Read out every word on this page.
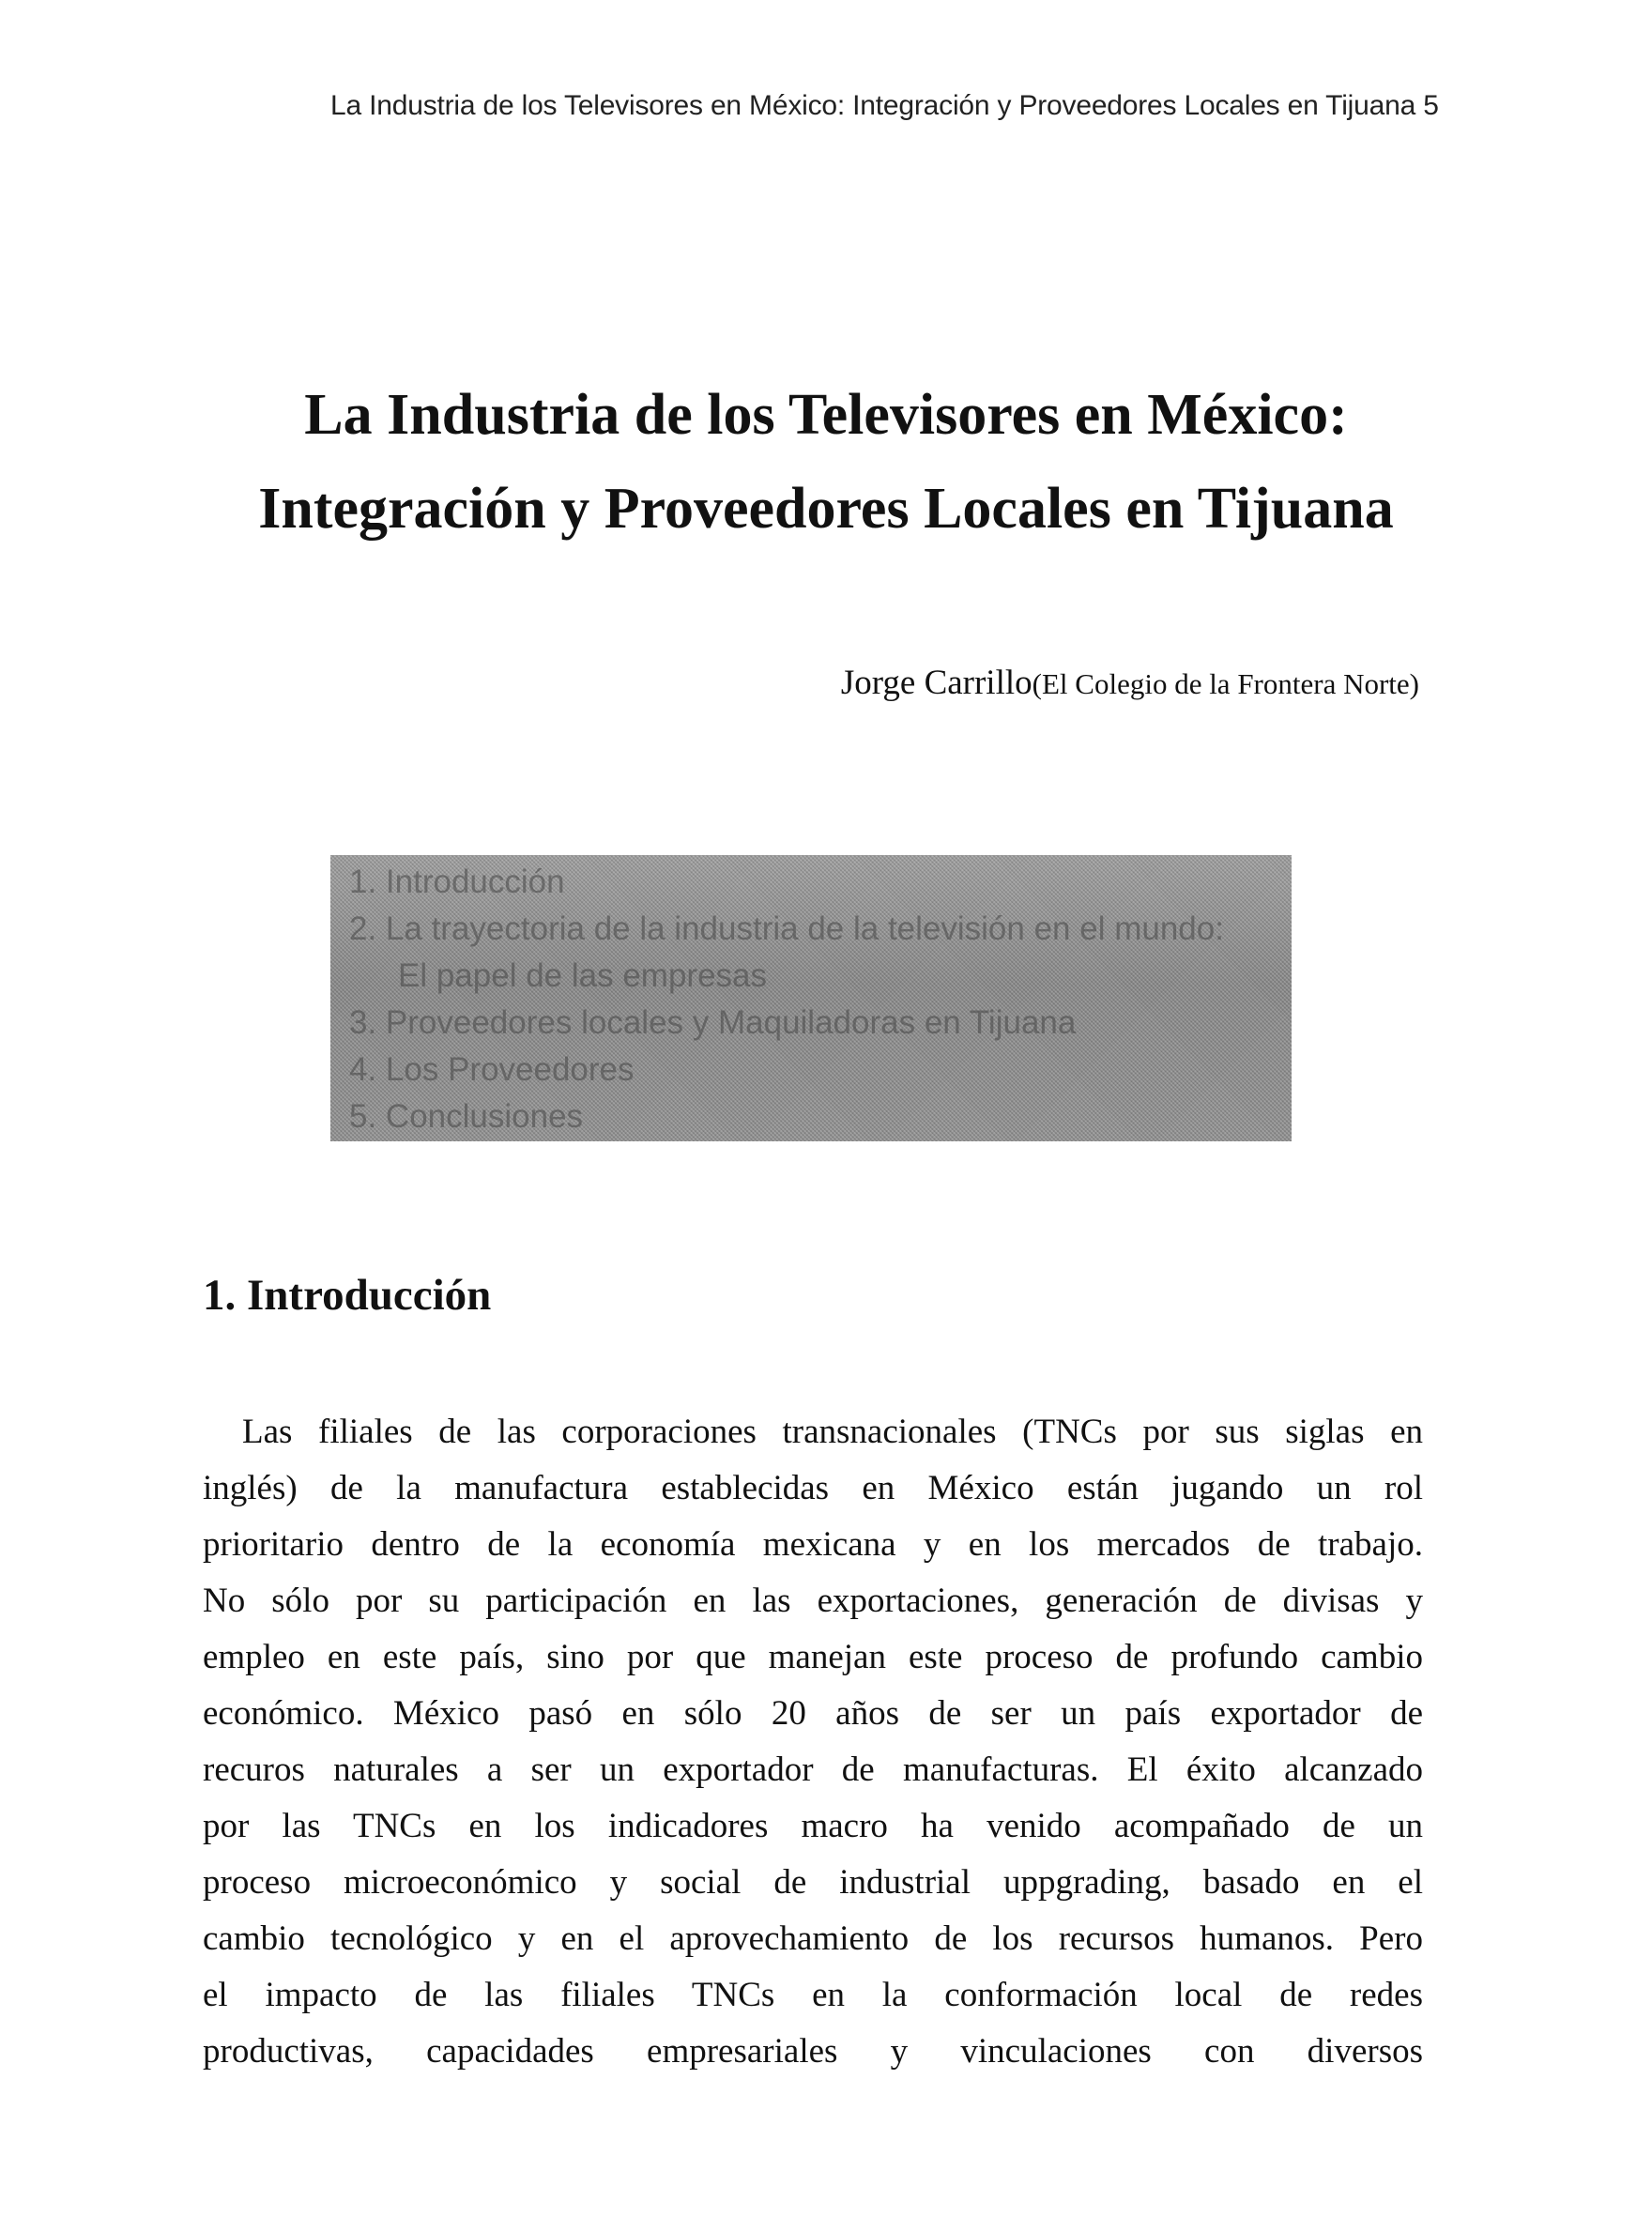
La Industria de los Televisores en México: Integración y Proveedores Locales en Tijuana 5
La Industria de los Televisores en México:
Integración y Proveedores Locales en Tijuana
Jorge Carrillo(El Colegio de la Frontera Norte)
1. Introducción
2. La trayectoria de la industria de la televisión en el mundo:
El papel de las empresas
3. Proveedores locales y Maquiladoras en Tijuana
4. Los Proveedores
5. Conclusiones
1. Introducción
Las filiales de las corporaciones transnacionales (TNCs por sus siglas en
inglés) de la manufactura establecidas en México están jugando un rol
prioritario dentro de la economía mexicana y en los mercados de trabajo.
No sólo por su participación en las exportaciones, generación de divisas y
empleo en este país, sino por que manejan este proceso de profundo cambio
económico. México pasó en sólo 20 años de ser un país exportador de
recuros naturales a ser un exportador de manufacturas. El éxito alcanzado
por las TNCs en los indicadores macro ha venido acompañado de un
proceso microeconómico y social de industrial uppgrading, basado en el
cambio tecnológico y en el aprovechamiento de los recursos humanos. Pero
el impacto de las filiales TNCs en la conformación local de redes
productivas, capacidades empresariales y vinculaciones con diversos
